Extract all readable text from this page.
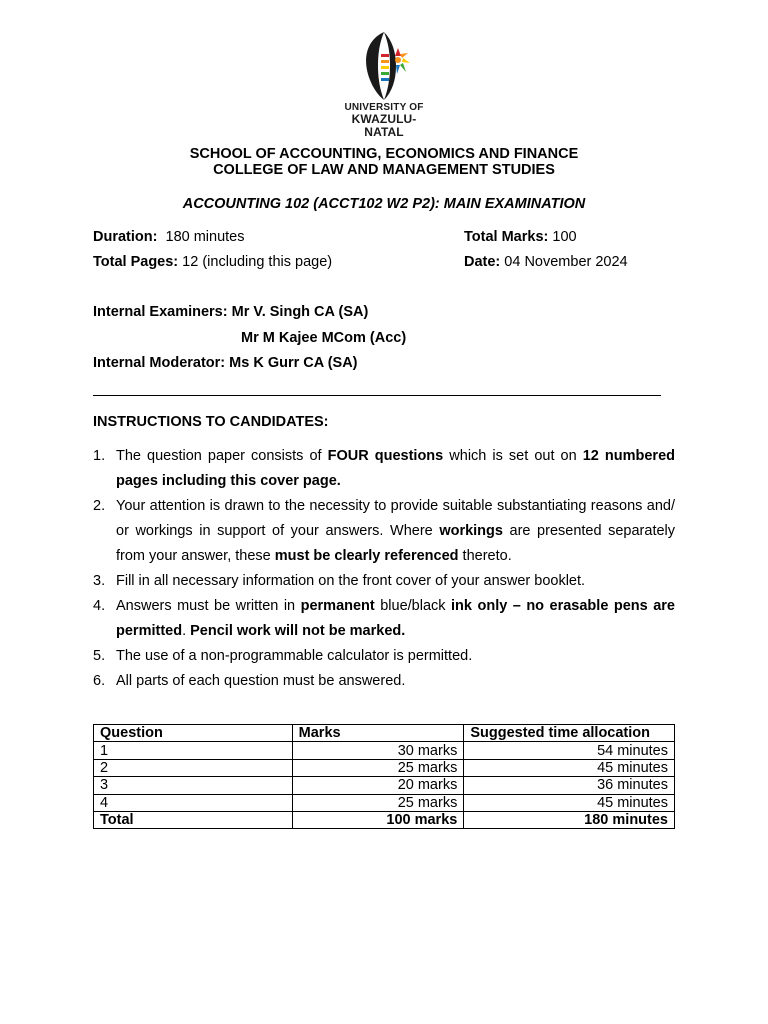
UNIVERSITY OF
KWAZULU-NATAL
SCHOOL OF ACCOUNTING, ECONOMICS AND FINANCE
COLLEGE OF LAW AND MANAGEMENT STUDIES
ACCOUNTING 102 (ACCT102 W2 P2): MAIN EXAMINATION
Duration: 180 minutes	Total Marks: 100
Total Pages: 12 (including this page)	Date: 04 November 2024
Internal Examiners: Mr V. Singh CA (SA)
Mr M Kajee MCom (Acc)
Internal Moderator: Ms K Gurr CA (SA)
INSTRUCTIONS TO CANDIDATES:
1. The question paper consists of FOUR questions which is set out on 12 numbered pages including this cover page.
2. Your attention is drawn to the necessity to provide suitable substantiating reasons and/ or workings in support of your answers. Where workings are presented separately from your answer, these must be clearly referenced thereto.
3. Fill in all necessary information on the front cover of your answer booklet.
4. Answers must be written in permanent blue/black ink only – no erasable pens are permitted. Pencil work will not be marked.
5. The use of a non-programmable calculator is permitted.
6. All parts of each question must be answered.
Question	Marks	Suggested time allocation
1	30 marks	54 minutes
2	25 marks	45 minutes
3	20 marks	36 minutes
4	25 marks	45 minutes
Total	100 marks	180 minutes
